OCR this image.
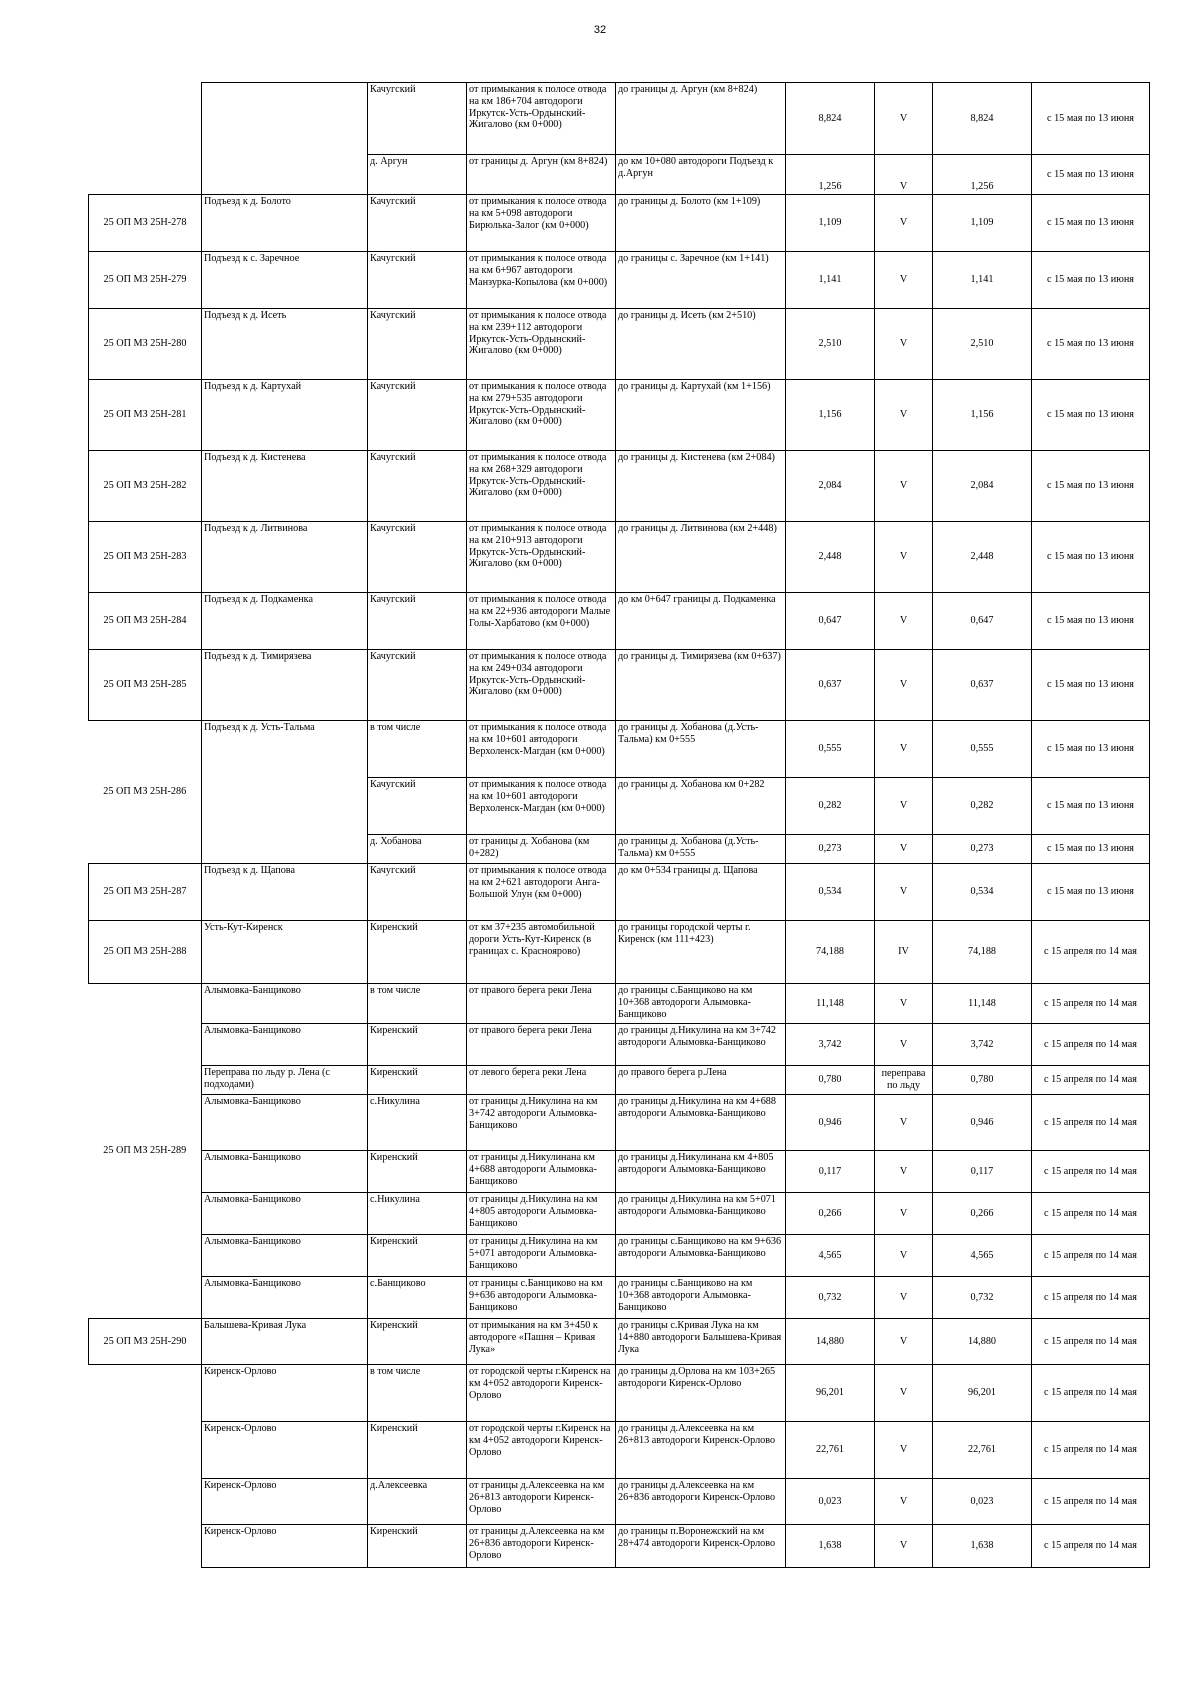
32
		Качугский	от примыкания к полосе отвода на км 186+704 автодороги Иркутск-Усть-Ордынский-Жигалово (км 0+000)	до границы д. Аргун (км 8+824)	8,824	V	8,824	с 15 мая по 13 июня
		д. Аргун	от границы д. Аргун (км 8+824)	до км 10+080 автодороги Подъезд к д.Аргун	1,256	V	1,256	с 15 мая по 13 июня
25 ОП МЗ 25Н-278	Подъезд к д. Болото	Качугский	от примыкания к полосе отвода на км 5+098 автодороги Бирюлька-Залог (км 0+000)	до границы д. Болото (км 1+109)	1,109	V	1,109	с 15 мая по 13 июня
25 ОП МЗ 25Н-279	Подъезд к с. Заречное	Качугский	от примыкания к полосе отвода на км 6+967 автодороги Манзурка-Копылова (км 0+000)	до границы с. Заречное (км 1+141)	1,141	V	1,141	с 15 мая по 13 июня
25 ОП МЗ 25Н-280	Подъезд к д. Исеть	Качугский	от примыкания к полосе отвода на км 239+112 автодороги Иркутск-Усть-Ордынский-Жигалово (км 0+000)	до границы д. Исеть (км 2+510)	2,510	V	2,510	с 15 мая по 13 июня
25 ОП МЗ 25Н-281	Подъезд к д. Картухай	Качугский	от примыкания к полосе отвода на км 279+535 автодороги Иркутск-Усть-Ордынский-Жигалово (км 0+000)	до границы д. Картухай (км 1+156)	1,156	V	1,156	с 15 мая по 13 июня
25 ОП МЗ 25Н-282	Подъезд к д. Кистенева	Качугский	от примыкания к полосе отвода на км 268+329 автодороги Иркутск-Усть-Ордынский-Жигалово (км 0+000)	до границы д. Кистенева (км 2+084)	2,084	V	2,084	с 15 мая по 13 июня
25 ОП МЗ 25Н-283	Подъезд к д. Литвинова	Качугский	от примыкания к полосе отвода на км 210+913 автодороги Иркутск-Усть-Ордынский-Жигалово (км 0+000)	до границы д. Литвинова (км 2+448)	2,448	V	2,448	с 15 мая по 13 июня
25 ОП МЗ 25Н-284	Подъезд к д. Подкаменка	Качугский	от примыкания к полосе отвода на км 22+936 автодороги Малые Голы-Харбатово (км 0+000)	до км 0+647 границы д. Подкаменка	0,647	V	0,647	с 15 мая по 13 июня
25 ОП МЗ 25Н-285	Подъезд к д. Тимирязева	Качугский	от примыкания к полосе отвода на км 249+034 автодороги Иркутск-Усть-Ордынский-Жигалово (км 0+000)	до границы д. Тимирязева (км 0+637)	0,637	V	0,637	с 15 мая по 13 июня
25 ОП МЗ 25Н-286	Подъезд к д. Усть-Тальма	в том числе	от примыкания к полосе отвода на км 10+601 автодороги Верхоленск-Магдан (км 0+000)	до границы д. Хобанова (д.Усть-Тальма) км 0+555	0,555	V	0,555	с 15 мая по 13 июня
		Качугский	от примыкания к полосе отвода на км 10+601 автодороги Верхоленск-Магдан (км 0+000)	до границы д. Хобанова км 0+282	0,282	V	0,282	с 15 мая по 13 июня
		д. Хобанова	от границы д. Хобанова (км 0+282)	до границы д. Хобанова (д.Усть-Тальма) км 0+555	0,273	V	0,273	с 15 мая по 13 июня
25 ОП МЗ 25Н-287	Подъезд к д. Щапова	Качугский	от примыкания к полосе отвода на км 2+621 автодороги Анга-Большой Улун (км 0+000)	до км 0+534 границы д. Щапова	0,534	V	0,534	с 15 мая по 13 июня
25 ОП МЗ 25Н-288	Усть-Кут-Киренск	Киренский	от км 37+235 автомобильной дороги Усть-Кут-Киренск (в границах с. Красноярово)	до границы городской черты г. Киренск (км 111+423)	74,188	IV	74,188	с 15 апреля по 14 мая
25 ОП МЗ 25Н-289	Алымовка-Банщиково	в том числе	от правого берега реки Лена	до границы с.Банщиково на км 10+368 автодороги Алымовка-Банщиково	11,148	V	11,148	с 15 апреля по 14 мая
	Алымовка-Банщиково	Киренский	от правого берега реки Лена	до границы д.Никулина на км 3+742 автодороги Алымовка-Банщиково	3,742	V	3,742	с 15 апреля по 14 мая
	Переправа по льду р. Лена (с подходами)	Киренский	от левого берега реки Лена	до правого берега р.Лена	0,780	переправа по льду	0,780	с 15 апреля по 14 мая
	Алымовка-Банщиково	с.Никулина	от границы д.Никулина на км 3+742 автодороги Алымовка-Банщиково	до границы д.Никулина на км 4+688 автодороги Алымовка-Банщиково	0,946	V	0,946	с 15 апреля по 14 мая
	Алымовка-Банщиково	Киренский	от границы д.Никулинана км 4+688 автодороги Алымовка-Банщиково	до границы д.Никулинана км 4+805 автодороги Алымовка-Банщиково	0,117	V	0,117	с 15 апреля по 14 мая
	Алымовка-Банщиково	с.Никулина	от границы д.Никулина на км 4+805 автодороги Алымовка-Банщиково	до границы д.Никулина на км 5+071 автодороги Алымовка-Банщиково	0,266	V	0,266	с 15 апреля по 14 мая
	Алымовка-Банщиково	Киренский	от границы д.Никулина на км 5+071 автодороги Алымовка-Банщиково	до границы с.Банщиково на км 9+636 автодороги Алымовка-Банщиково	4,565	V	4,565	с 15 апреля по 14 мая
	Алымовка-Банщиково	с.Банщиково	от границы с.Банщиково на км 9+636 автодороги Алымовка-Банщиково	до границы с.Банщиково на км 10+368 автодороги Алымовка-Банщиково	0,732	V	0,732	с 15 апреля по 14 мая
25 ОП МЗ 25Н-290	Балышева-Кривая Лука	Киренский	от примыкания на км 3+450 к автодороге «Пашня – Кривая Лука»	до границы с.Кривая Лука на км 14+880 автодороги Балышева-Кривая Лука	14,880	V	14,880	с 15 апреля по 14 мая
	Киренск-Орлово	в том числе	от городской черты г.Киренск на км 4+052 автодороги Киренск-Орлово	до границы д.Орлова на км 103+265 автодороги Киренск-Орлово	96,201	V	96,201	с 15 апреля по 14 мая
	Киренск-Орлово	Киренский	от городской черты г.Киренск на км 4+052 автодороги Киренск-Орлово	до границы д.Алексеевка на км 26+813 автодороги Киренск-Орлово	22,761	V	22,761	с 15 апреля по 14 мая
	Киренск-Орлово	д.Алексеевка	от границы д.Алексеевка на км 26+813 автодороги Киренск-Орлово	до границы д.Алексеевка на км 26+836 автодороги Киренск-Орлово	0,023	V	0,023	с 15 апреля по 14 мая
	Киренск-Орлово	Киренский	от границы д.Алексеевка на км 26+836 автодороги Киренск-Орлово	до границы п.Воронежский на км 28+474 автодороги Киренск-Орлово	1,638	V	1,638	с 15 апреля по 14 мая
